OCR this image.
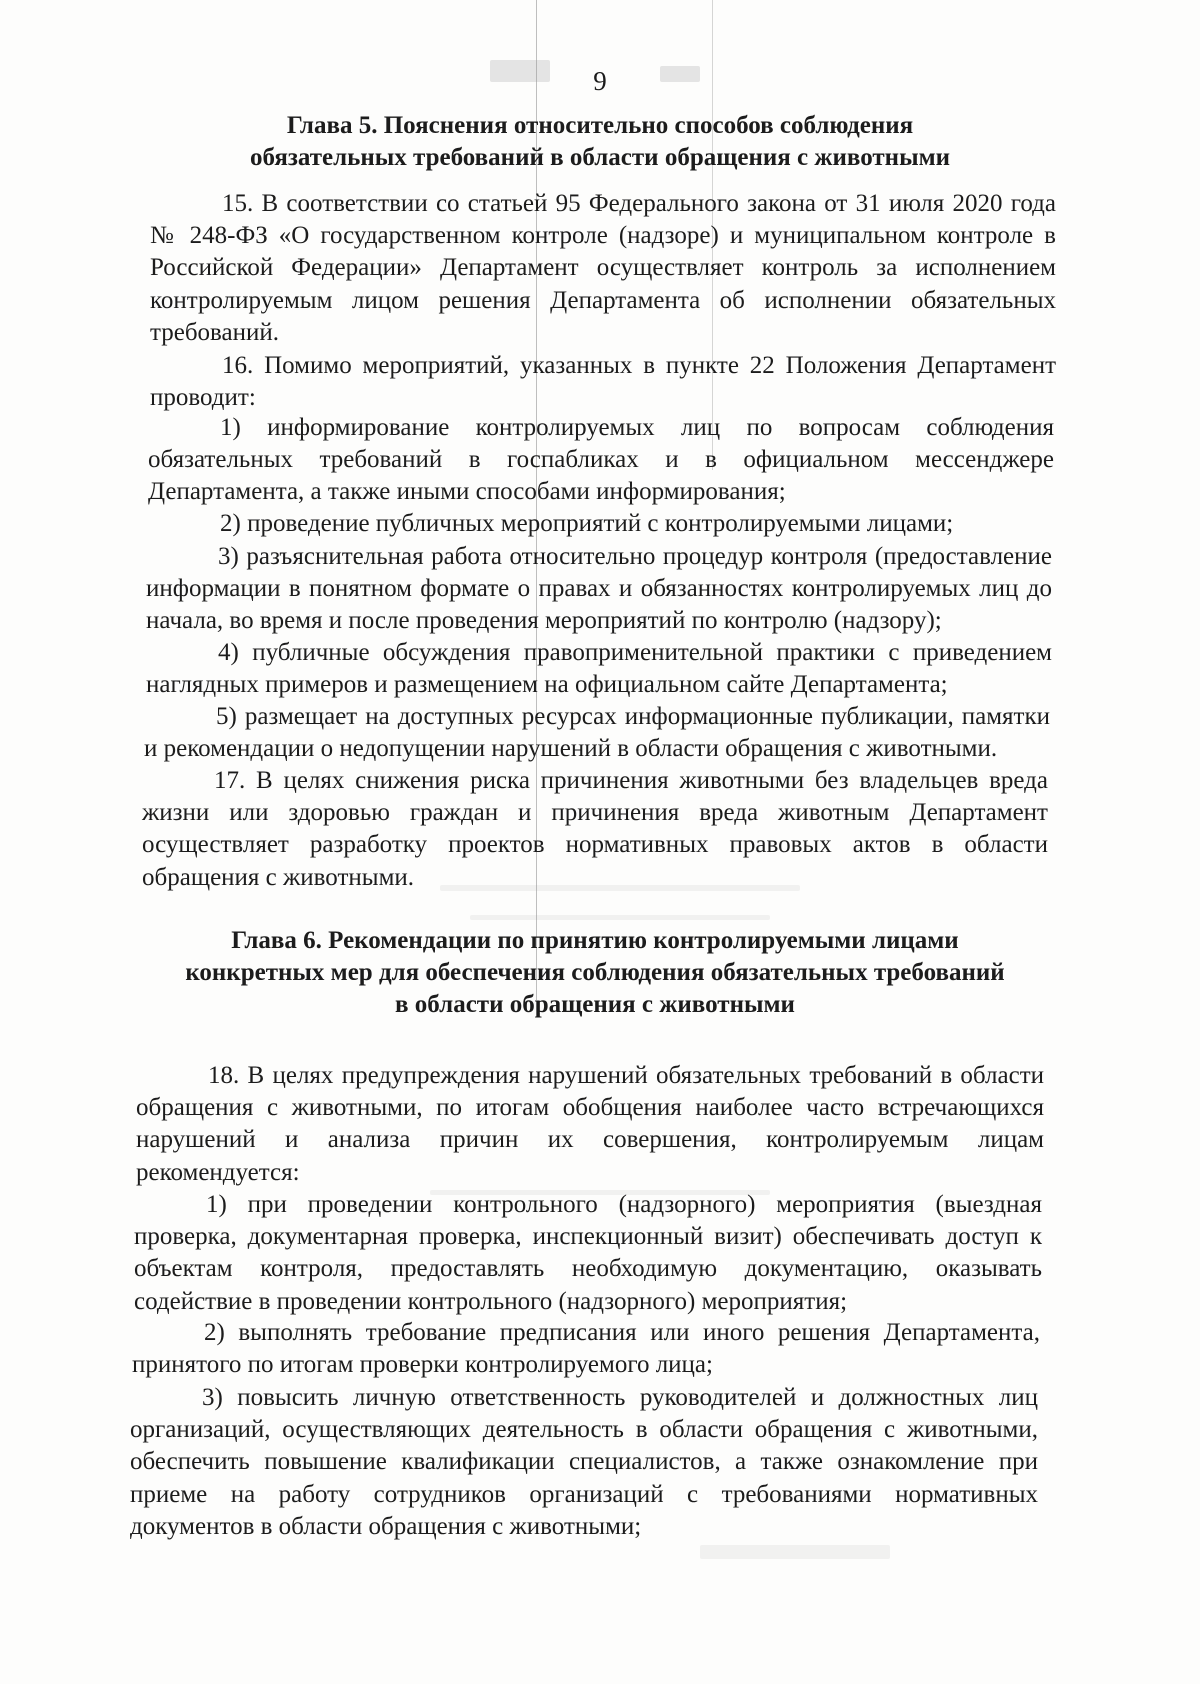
9
Глава 5. Пояснения относительно способов соблюдения
обязательных требований в области обращения с животными

15. В соответствии со статьей 95 Федерального закона от 31 июля 2020 года № 248-ФЗ «О государственном контроле (надзоре) и муниципальном контроле в Российской Федерации» Департамент осуществляет контроль за исполнением контролируемым лицом решения Департамента об исполнении обязательных требований.

16. Помимо мероприятий, указанных в пункте 22 Положения Департамент проводит:

1) информирование контролируемых лиц по вопросам соблюдения обязательных требований в госпабликах и в официальном мессенджере Департамента, а также иными способами информирования;

2) проведение публичных мероприятий с контролируемыми лицами;

3) разъяснительная работа относительно процедур контроля (предоставление информации в понятном формате о правах и обязанностях контролируемых лиц до начала, во время и после проведения мероприятий по контролю (надзору);

4) публичные обсуждения правоприменительной практики с приведением наглядных примеров и размещением на официальном сайте Департамента;

5) размещает на доступных ресурсах информационные публикации, памятки и рекомендации о недопущении нарушений в области обращения с животными.

17. В целях снижения риска причинения животными без владельцев вреда жизни или здоровью граждан и причинения вреда животным Департамент осуществляет разработку проектов нормативных правовых актов в области обращения с животными.

Глава 6. Рекомендации по принятию контролируемыми лицами
конкретных мер для обеспечения соблюдения обязательных требований
в области обращения с животными

18. В целях предупреждения нарушений обязательных требований в области обращения с животными, по итогам обобщения наиболее часто встречающихся нарушений и анализа причин их совершения, контролируемым лицам рекомендуется:

1) при проведении контрольного (надзорного) мероприятия (выездная проверка, документарная проверка, инспекционный визит) обеспечивать доступ к объектам контроля, предоставлять необходимую документацию, оказывать содействие в проведении контрольного (надзорного) мероприятия;

2) выполнять требование предписания или иного решения Департамента, принятого по итогам проверки контролируемого лица;

3) повысить личную ответственность руководителей и должностных лиц организаций, осуществляющих деятельность в области обращения с животными, обеспечить повышение квалификации специалистов, а также ознакомление при приеме на работу сотрудников организаций с требованиями нормативных документов в области обращения с животными;
